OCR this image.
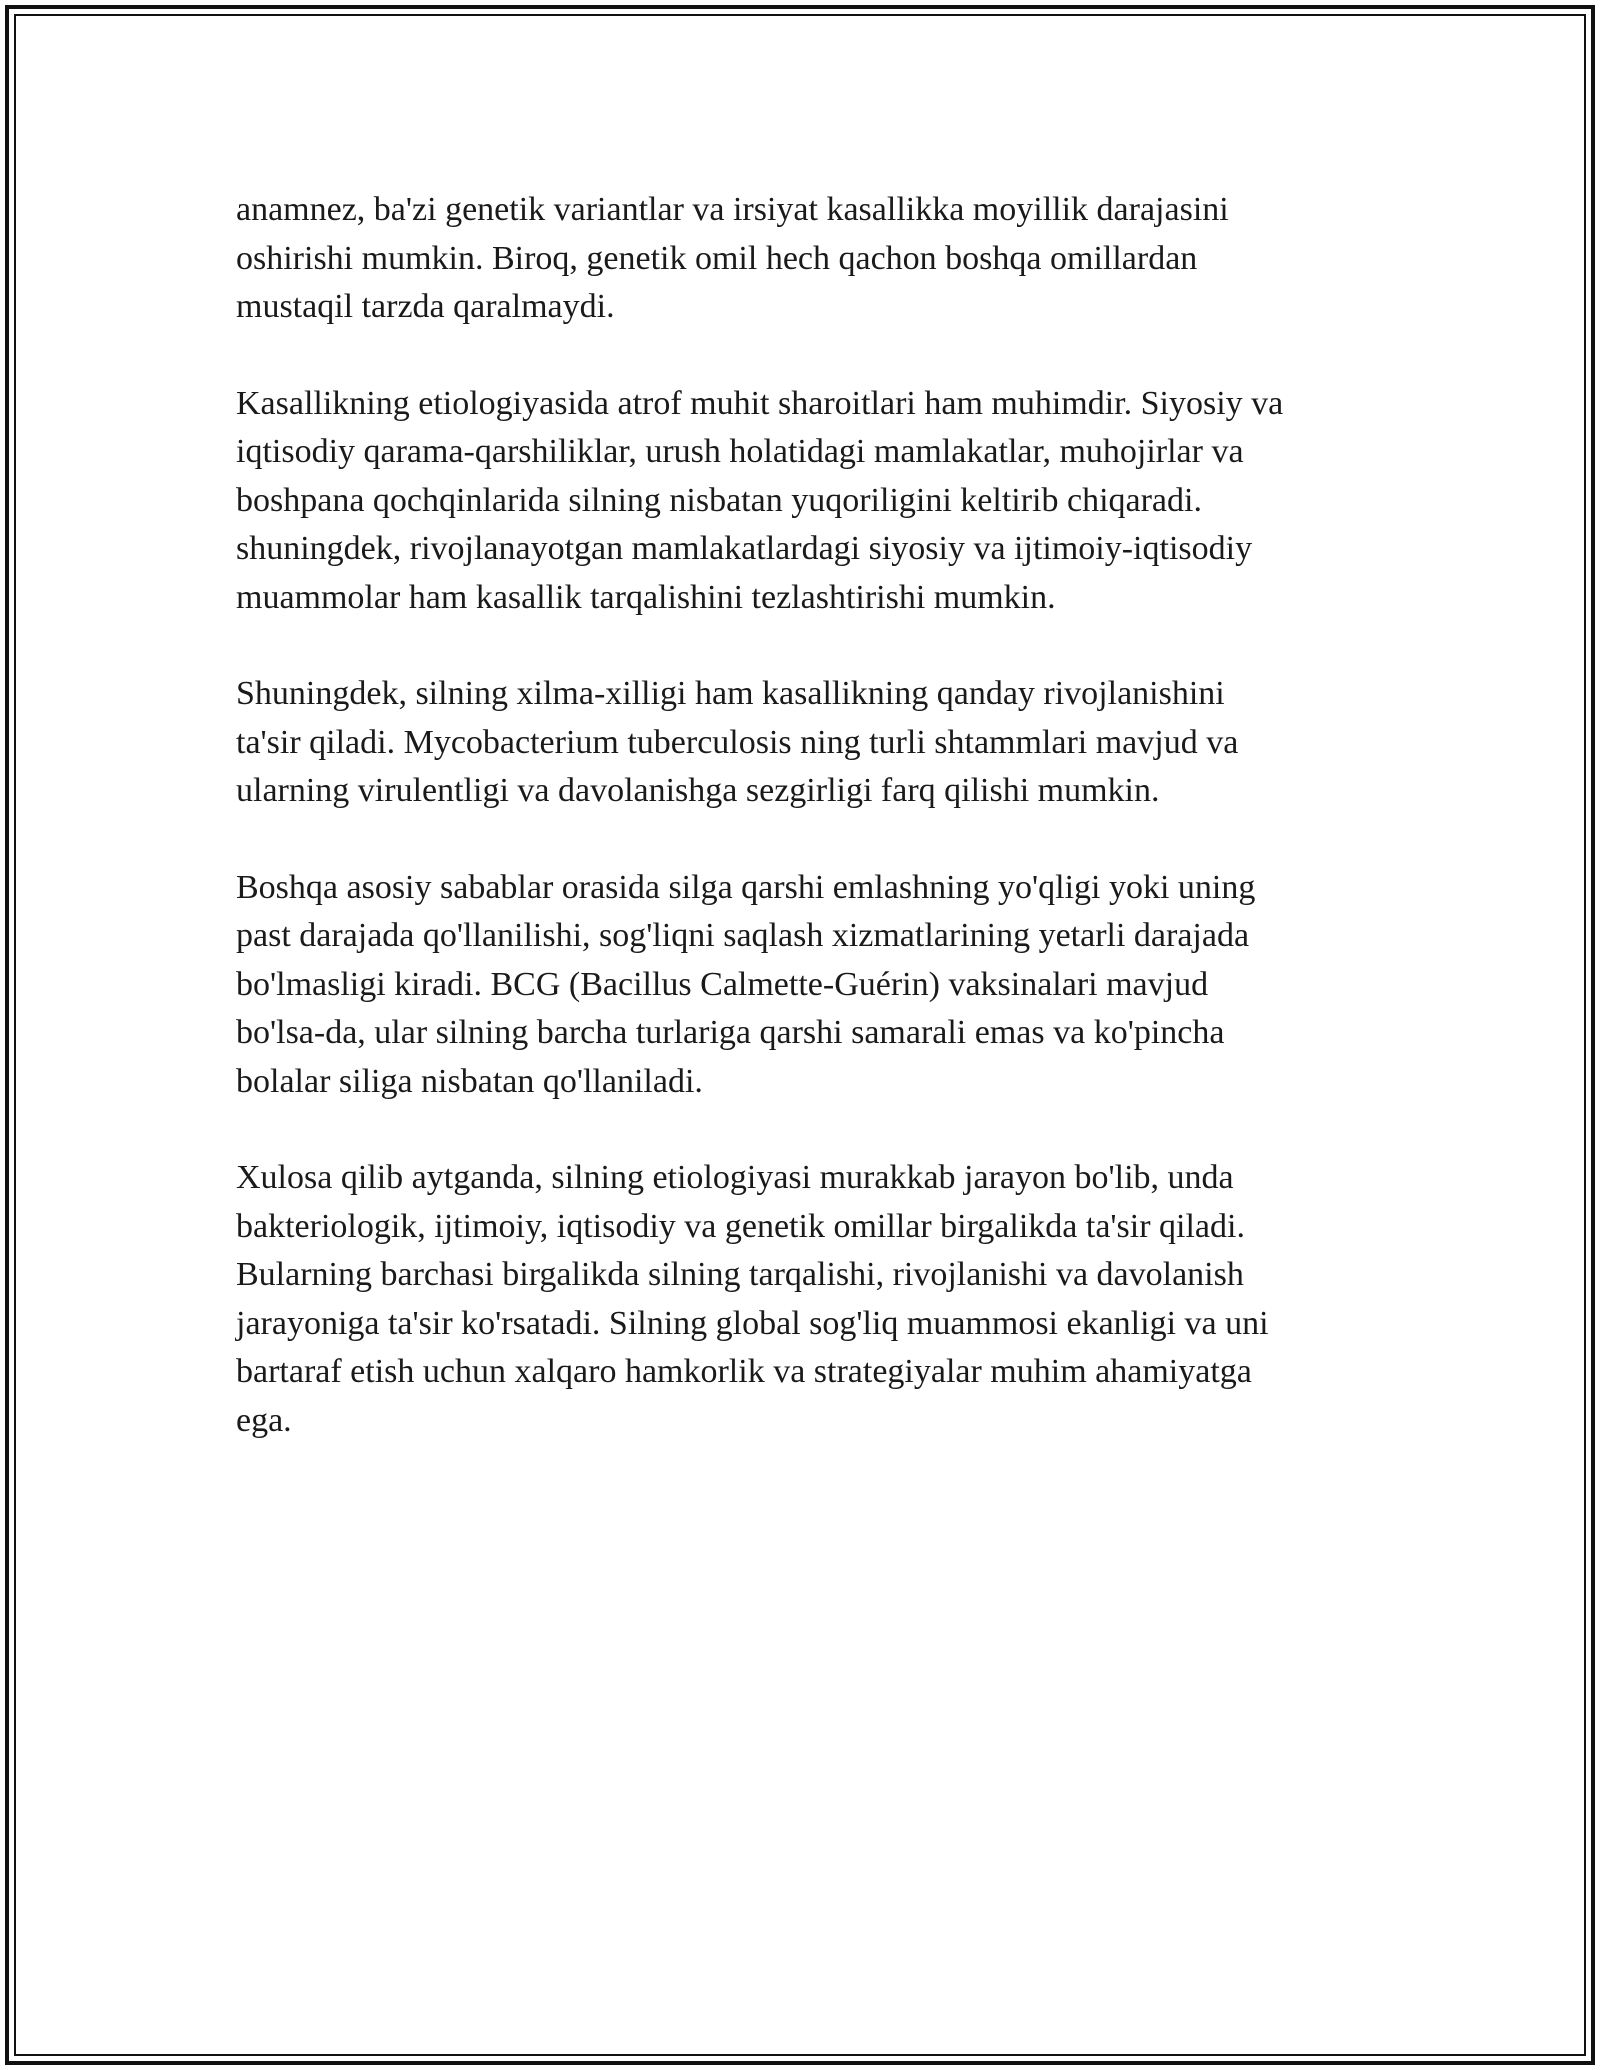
anamnez, ba'zi genetik variantlar va irsiyat kasallikka moyillik darajasini
oshirishi mumkin. Biroq, genetik omil hech qachon boshqa omillardan
mustaqil tarzda qaralmaydi.

Kasallikning etiologiyasida atrof muhit sharoitlari ham muhimdir. Siyosiy va
iqtisodiy qarama-qarshiliklar, urush holatidagi mamlakatlar, muhojirlar va
boshpana qochqinlarida silning nisbatan yuqoriligini keltirib chiqaradi.
shuningdek, rivojlanayotgan mamlakatlardagi siyosiy va ijtimoiy-iqtisodiy
muammolar ham kasallik tarqalishini tezlashtirishi mumkin.

Shuningdek, silning xilma-xilligi ham kasallikning qanday rivojlanishini
ta'sir qiladi. Mycobacterium tuberculosis ning turli shtammlari mavjud va
ularning virulentligi va davolanishga sezgirligi farq qilishi mumkin.

Boshqa asosiy sabablar orasida silga qarshi emlashning yo'qligi yoki uning
past darajada qo'llanilishi, sog'liqni saqlash xizmatlarining yetarli darajada
bo'lmasligi kiradi. BCG (Bacillus Calmette-Guérin) vaksinalari mavjud
bo'lsa-da, ular silning barcha turlariga qarshi samarali emas va ko'pincha
bolalar siliga nisbatan qo'llaniladi.

Xulosa qilib aytganda, silning etiologiyasi murakkab jarayon bo'lib, unda
bakteriologik, ijtimoiy, iqtisodiy va genetik omillar birgalikda ta'sir qiladi.
Bularning barchasi birgalikda silning tarqalishi, rivojlanishi va davolanish
jarayoniga ta'sir ko'rsatadi. Silning global sog'liq muammosi ekanligi va uni
bartaraf etish uchun xalqaro hamkorlik va strategiyalar muhim ahamiyatga
ega.
